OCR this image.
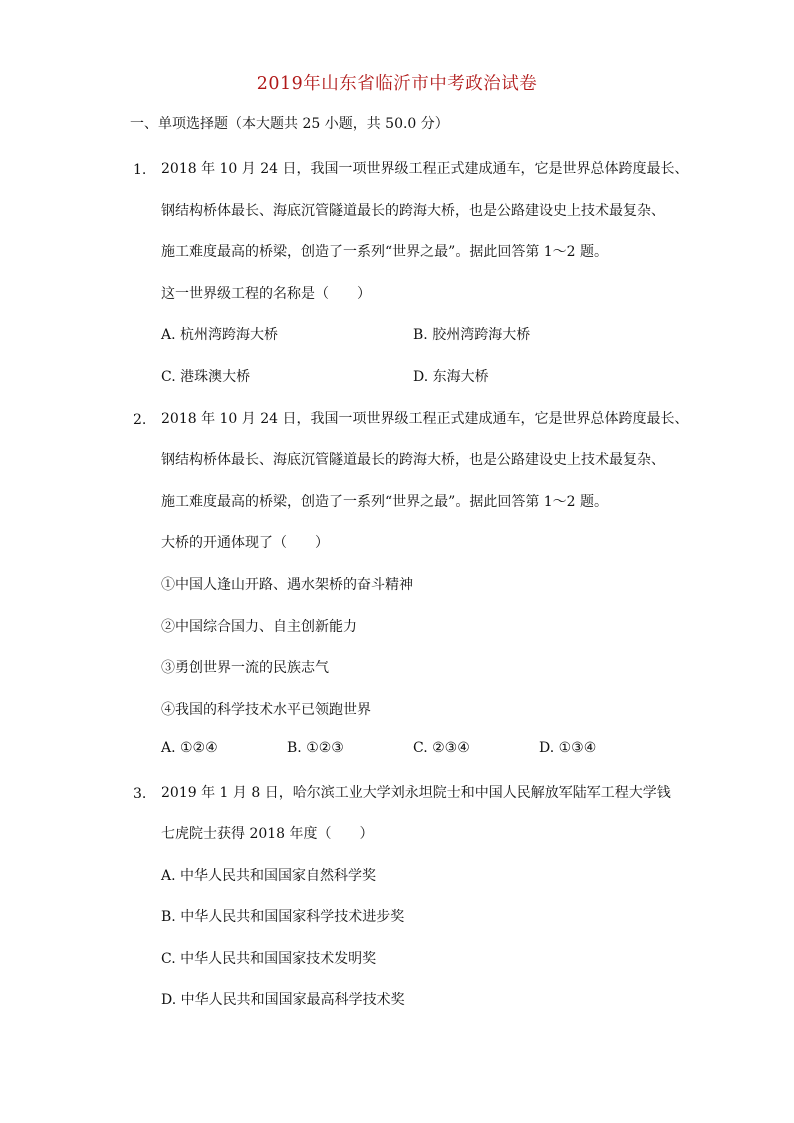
2019年山东省临沂市中考政治试卷
一、单项选择题（本大题共 25 小题，共 50.0 分）
1. 2018 年 10 月 24 日，我国一项世界级工程正式建成通车，它是世界总体跨度最长、
钢结构桥体最长、海底沉管隧道最长的跨海大桥，也是公路建设史上技术最复杂、
施工难度最高的桥梁，创造了一系列“世界之最”。据此回答第 1～2 题。
这一世界级工程的名称是（　　）
A. 杭州湾跨海大桥	B. 胶州湾跨海大桥
C. 港珠澳大桥	D. 东海大桥
2. 2018 年 10 月 24 日，我国一项世界级工程正式建成通车，它是世界总体跨度最长、
钢结构桥体最长、海底沉管隧道最长的跨海大桥，也是公路建设史上技术最复杂、
施工难度最高的桥梁，创造了一系列“世界之最”。据此回答第 1～2 题。
大桥的开通体现了（　　）
①中国人逢山开路、遇水架桥的奋斗精神
②中国综合国力、自主创新能力
③勇创世界一流的民族志气
④我国的科学技术水平已领跑世界
A. ①②④	B. ①②③	C. ②③④	D. ①③④
3. 2019 年 1 月 8 日，哈尔滨工业大学刘永坦院士和中国人民解放军陆军工程大学钱
七虎院士获得 2018 年度（　　）
A. 中华人民共和国国家自然科学奖
B. 中华人民共和国国家科学技术进步奖
C. 中华人民共和国国家技术发明奖
D. 中华人民共和国国家最高科学技术奖
